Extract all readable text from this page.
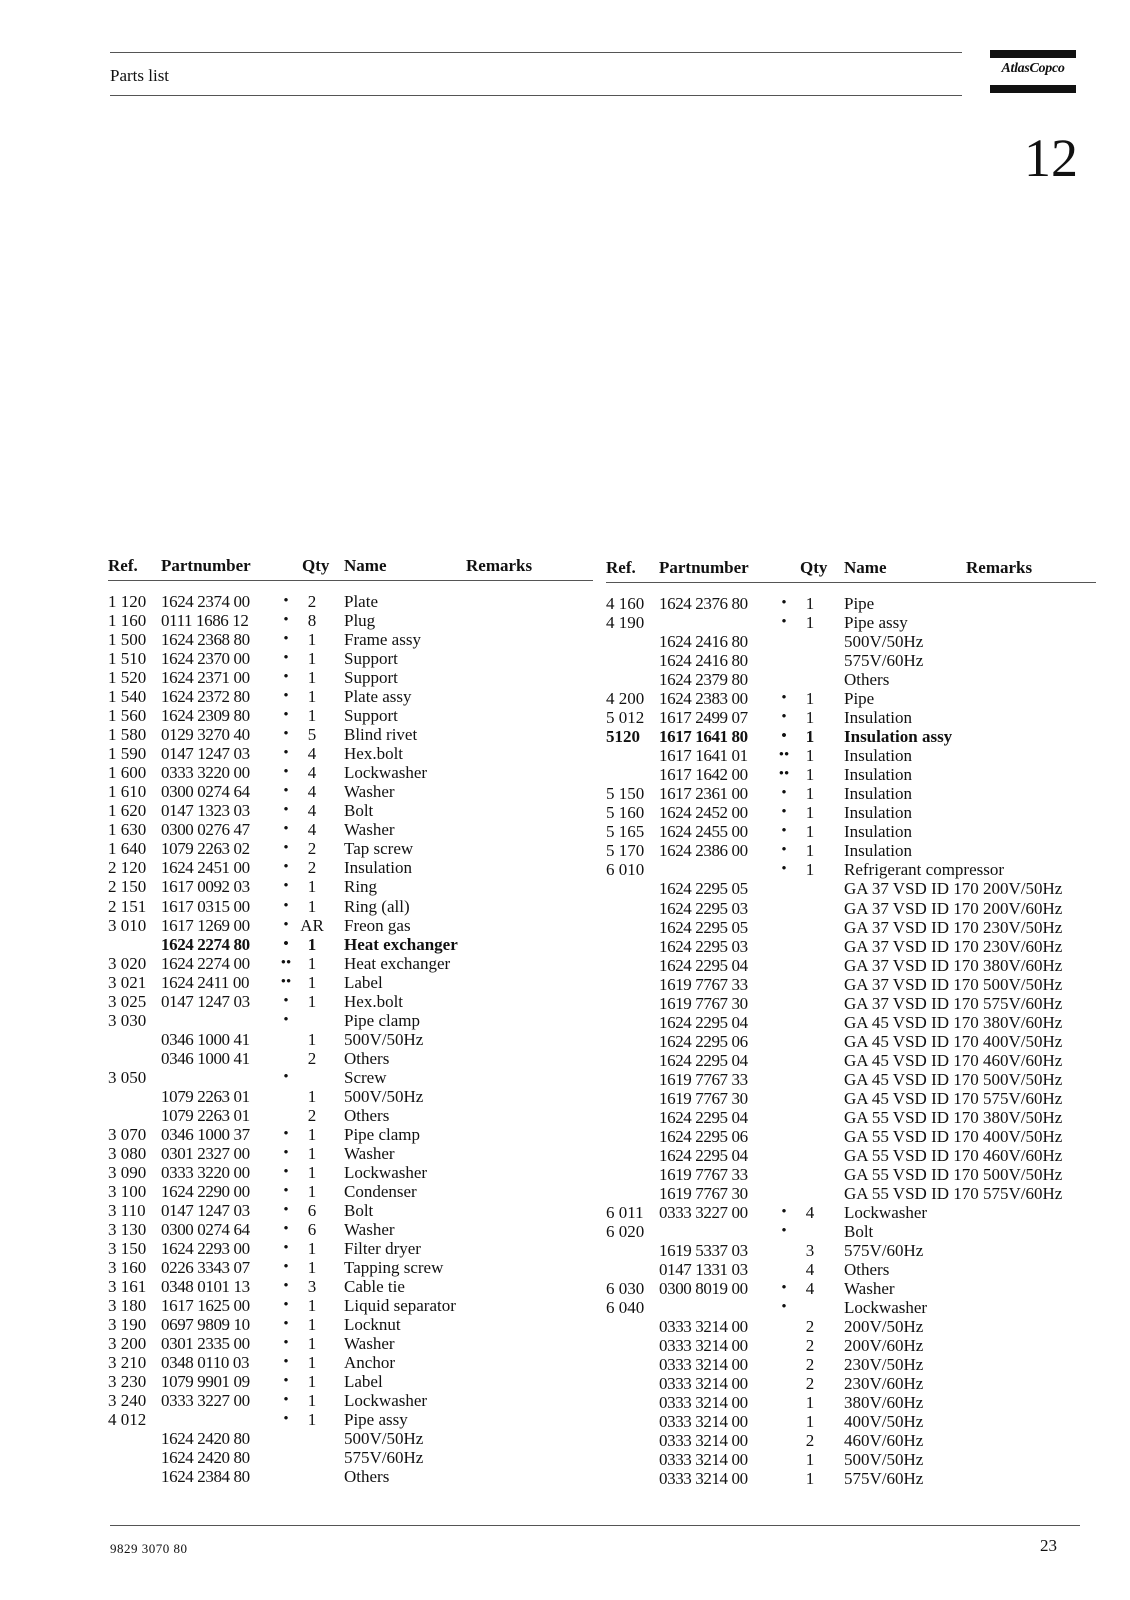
Parts list	AtlasCopco
12
Ref. Partnumber	Qty Name	Remarks
1 120 1624 2374 00	•	2	Plate
1 160 0111 1686 12	•	8	Plug
1 500 1624 2368 80	•	1	Frame assy
1 510 1624 2370 00	•	1	Support
1 520 1624 2371 00	•	1	Support
1 540 1624 2372 80	•	1	Plate assy
1 560 1624 2309 80	•	1	Support
1 580 0129 3270 40	•	5	Blind rivet
1 590 0147 1247 03	•	4	Hex.bolt
1 600 0333 3220 00	•	4	Lockwasher
1 610 0300 0274 64	•	4	Washer
1 620 0147 1323 03	•	4	Bolt
1 630 0300 0276 47	•	4	Washer
1 640 1079 2263 02	•	2	Tap screw
2 120 1624 2451 00	•	2	Insulation
2 150 1617 0092 03	•	1	Ring
2 151 1617 0315 00	•	1	Ring (all)
3 010 1617 1269 00	• AR Freon gas
1624 2274 80	•	1	Heat exchanger
3 020 1624 2274 00	•• 1	Heat exchanger
3 021 1624 2411 00	•• 1	Label
3 025 0147 1247 03	•	1	Hex.bolt
3 030	•	Pipe clamp
0346 1000 41	1	500V/50Hz
0346 1000 41	2	Others
3 050	•	Screw
1079 2263 01	1	500V/50Hz
1079 2263 01	2	Others
3 070 0346 1000 37	•	1	Pipe clamp
3 080 0301 2327 00	•	1	Washer
3 090 0333 3220 00	•	1	Lockwasher
3 100 1624 2290 00	•	1	Condenser
3 110 0147 1247 03	•	6	Bolt
3 130 0300 0274 64	•	6	Washer
3 150 1624 2293 00	•	1	Filter dryer
3 160 0226 3343 07	•	1	Tapping screw
3 161 0348 0101 13	•	3	Cable tie
3 180 1617 1625 00	•	1	Liquid separator
3 190 0697 9809 10	•	1	Locknut
3 200 0301 2335 00	•	1	Washer
3 210 0348 0110 03	•	1	Anchor
3 230 1079 9901 09	•	1	Label
3 240 0333 3227 00	•	1	Lockwasher
4 012	•	1	Pipe assy
1624 2420 80	500V/50Hz
1624 2420 80	575V/60Hz
1624 2384 80	Others
Ref. Partnumber	Qty Name	Remarks
4 160 1624 2376 80	•	1	Pipe
4 190	•	1	Pipe assy
1624 2416 80	500V/50Hz
1624 2416 80	575V/60Hz
1624 2379 80	Others
4 200 1624 2383 00	•	1	Pipe
5 012 1617 2499 07	•	1	Insulation
5120 1617 1641 80	•	1	Insulation assy
1617 1641 01	•• 1	Insulation
1617 1642 00	•• 1	Insulation
5 150 1617 2361 00	•	1	Insulation
5 160 1624 2452 00	•	1	Insulation
5 165 1624 2455 00	•	1	Insulation
5 170 1624 2386 00	•	1	Insulation
6 010	•	1	Refrigerant compressor
1624 2295 05	GA 37 VSD ID 170 200V/50Hz
1624 2295 03	GA 37 VSD ID 170 200V/60Hz
1624 2295 05	GA 37 VSD ID 170 230V/50Hz
1624 2295 03	GA 37 VSD ID 170 230V/60Hz
1624 2295 04	GA 37 VSD ID 170 380V/60Hz
1619 7767 33	GA 37 VSD ID 170 500V/50Hz
1619 7767 30	GA 37 VSD ID 170 575V/60Hz
1624 2295 04	GA 45 VSD ID 170 380V/60Hz
1624 2295 06	GA 45 VSD ID 170 400V/50Hz
1624 2295 04	GA 45 VSD ID 170 460V/60Hz
1619 7767 33	GA 45 VSD ID 170 500V/50Hz
1619 7767 30	GA 45 VSD ID 170 575V/60Hz
1624 2295 04	GA 55 VSD ID 170 380V/50Hz
1624 2295 06	GA 55 VSD ID 170 400V/50Hz
1624 2295 04	GA 55 VSD ID 170 460V/60Hz
1619 7767 33	GA 55 VSD ID 170 500V/50Hz
1619 7767 30	GA 55 VSD ID 170 575V/60Hz
6 011 0333 3227 00	•	4	Lockwasher
6 020	•	Bolt
1619 5337 03	3	575V/60Hz
0147 1331 03	4	Others
6 030 0300 8019 00	•	4	Washer
6 040	•	Lockwasher
0333 3214 00	2	200V/50Hz
0333 3214 00	2	200V/60Hz
0333 3214 00	2	230V/50Hz
0333 3214 00	2	230V/60Hz
0333 3214 00	1	380V/60Hz
0333 3214 00	1	400V/50Hz
0333 3214 00	2	460V/60Hz
0333 3214 00	1	500V/50Hz
0333 3214 00	1	575V/60Hz
9829 3070 80	23
